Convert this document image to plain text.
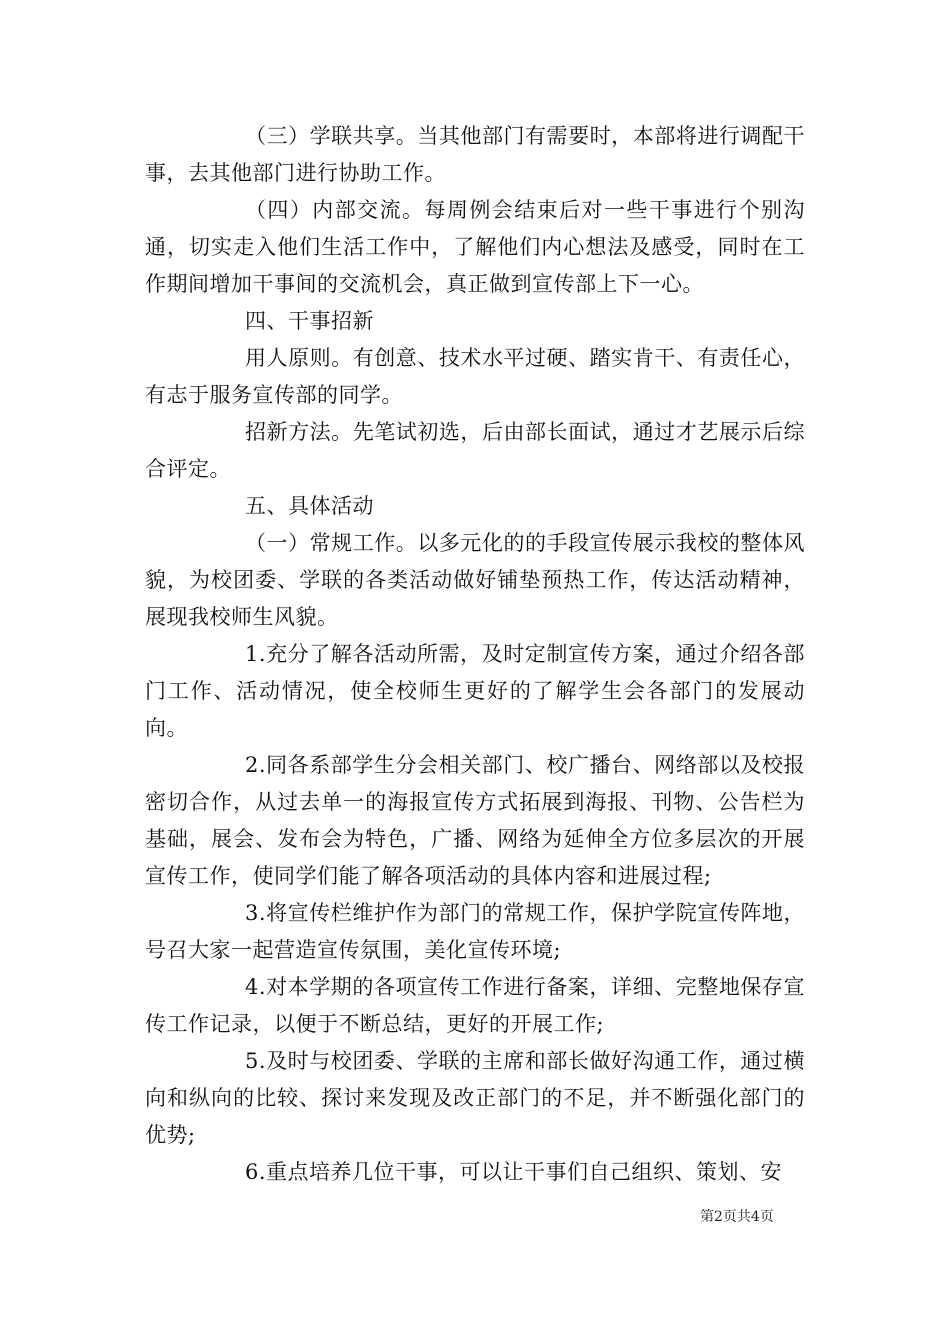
（三）学联共享。当其他部门有需要时，本部将进行调配干事，去其他部门进行协助工作。

（四）内部交流。每周例会结束后对一些干事进行个别沟通，切实走入他们生活工作中，了解他们内心想法及感受，同时在工作期间增加干事间的交流机会，真正做到宣传部上下一心。

四、干事招新

用人原则。有创意、技术水平过硬、踏实肯干、有责任心，有志于服务宣传部的同学。

招新方法。先笔试初选，后由部长面试，通过才艺展示后综合评定。

五、具体活动

（一）常规工作。以多元化的的手段宣传展示我校的整体风貌，为校团委、学联的各类活动做好铺垫预热工作，传达活动精神，展现我校师生风貌。

1.充分了解各活动所需，及时定制宣传方案，通过介绍各部门工作、活动情况，使全校师生更好的了解学生会各部门的发展动向。

2.同各系部学生分会相关部门、校广播台、网络部以及校报密切合作，从过去单一的海报宣传方式拓展到海报、刊物、公告栏为基础，展会、发布会为特色，广播、网络为延伸全方位多层次的开展宣传工作，使同学们能了解各项活动的具体内容和进展过程;

3.将宣传栏维护作为部门的常规工作，保护学院宣传阵地，号召大家一起营造宣传氛围，美化宣传环境;

4.对本学期的各项宣传工作进行备案，详细、完整地保存宣传工作记录，以便于不断总结，更好的开展工作;

5.及时与校团委、学联的主席和部长做好沟通工作，通过横向和纵向的比较、探讨来发现及改正部门的不足，并不断强化部门的优势;

6.重点培养几位干事，可以让干事们自己组织、策划、安

第2页共4页
